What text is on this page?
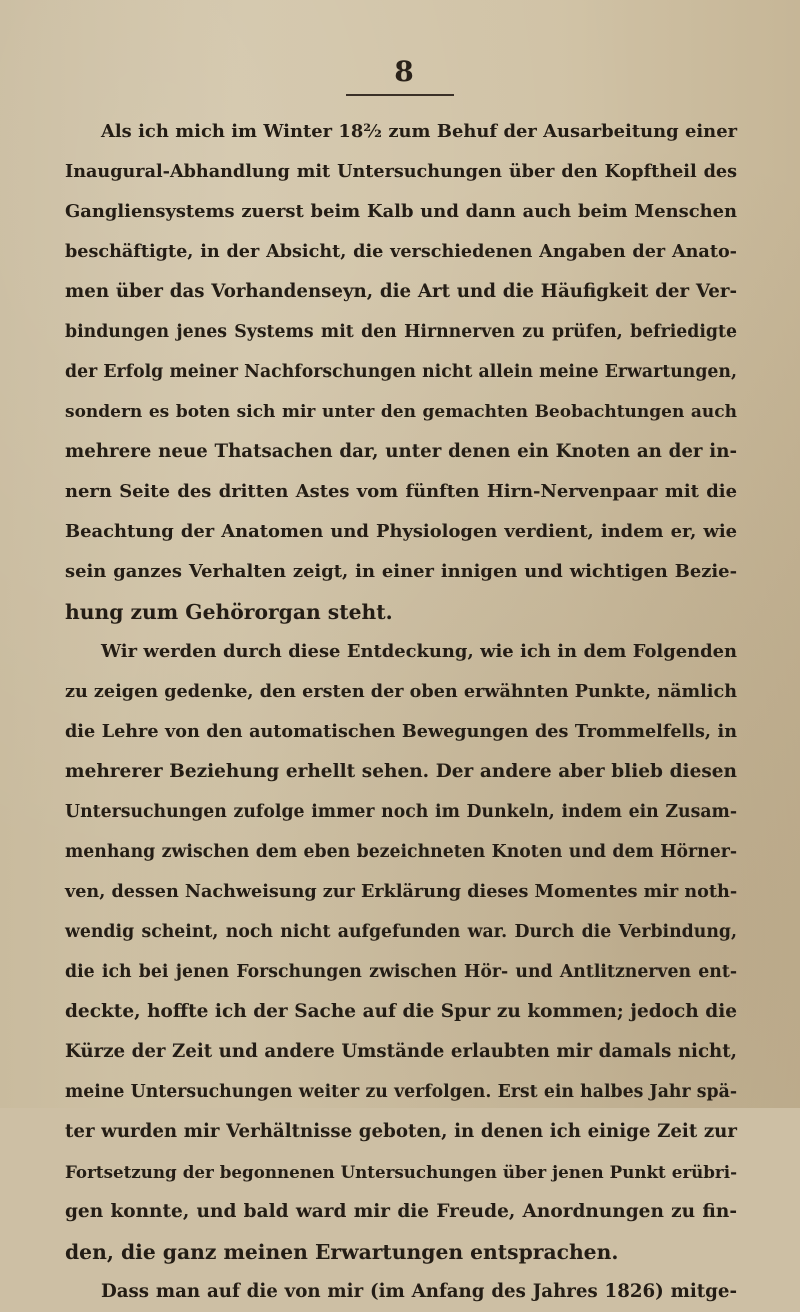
8

Als ich mich im Winter 18²⁄₂ zum Behuf der Ausarbeitung einer
Inaugural-Abhandlung mit Untersuchungen über den Kopftheil des
Gangliensystems zuerst beim Kalb und dann auch beim Menschen
beschäftigte, in der Absicht, die verschiedenen Angaben der Anato-
men über das Vorhandenseyn, die Art und die Häufigkeit der Ver-
bindungen jenes Systems mit den Hirnnerven zu prüfen, befriedigte
der Erfolg meiner Nachforschungen nicht allein meine Erwartungen,
sondern es boten sich mir unter den gemachten Beobachtungen auch
mehrere neue Thatsachen dar, unter denen ein Knoten an der in-
nern Seite des dritten Astes vom fünften Hirn-Nervenpaar mit die
Beachtung der Anatomen und Physiologen verdient, indem er, wie
sein ganzes Verhalten zeigt, in einer innigen und wichtigen Bezie-
hung zum Gehörorgan steht.

Wir werden durch diese Entdeckung, wie ich in dem Folgenden
zu zeigen gedenke, den ersten der oben erwähnten Punkte, nämlich
die Lehre von den automatischen Bewegungen des Trommelfells, in
mehrerer Beziehung erhellt sehen. Der andere aber blieb diesen
Untersuchungen zufolge immer noch im Dunkeln, indem ein Zusam-
menhang zwischen dem eben bezeichneten Knoten und dem Hörner-
ven, dessen Nachweisung zur Erklärung dieses Momentes mir noth-
wendig scheint, noch nicht aufgefunden war. Durch die Verbindung,
die ich bei jenen Forschungen zwischen Hör- und Antlitznerven ent-
deckte, hoffte ich der Sache auf die Spur zu kommen; jedoch die
Kürze der Zeit und andere Umstände erlaubten mir damals nicht,
meine Untersuchungen weiter zu verfolgen. Erst ein halbes Jahr spä-
ter wurden mir Verhältnisse geboten, in denen ich einige Zeit zur
Fortsetzung der begonnenen Untersuchungen über jenen Punkt erübri-
gen konnte, und bald ward mir die Freude, Anordnungen zu fin-
den, die ganz meinen Erwartungen entsprachen.

Dass man auf die von mir (im Anfang des Jahres 1826) mitge-
